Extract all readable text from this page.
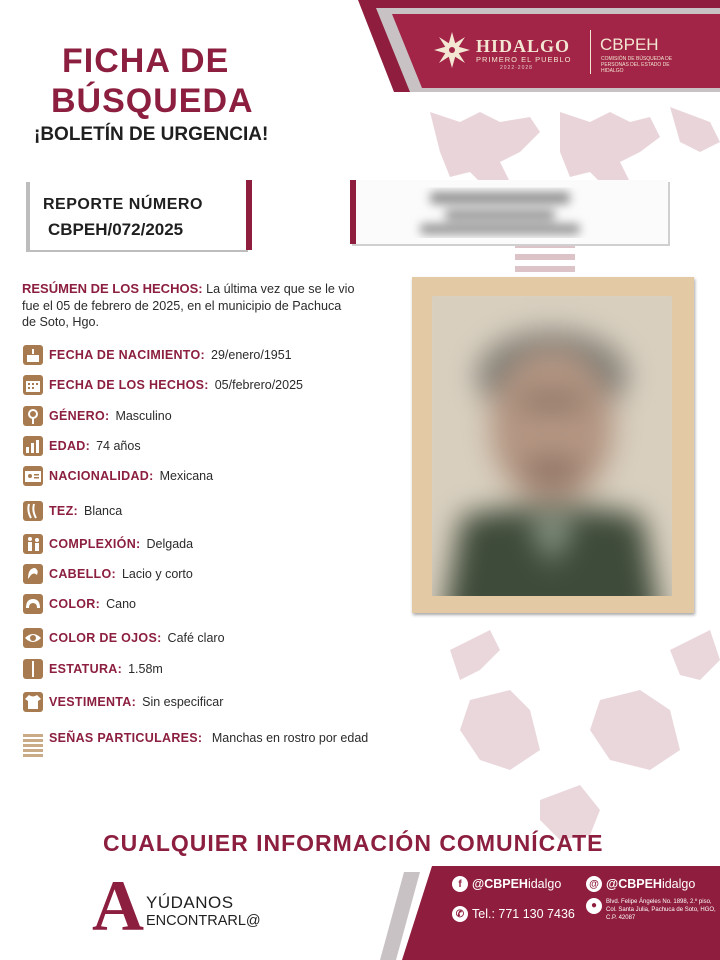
HIDALGO
PRIMERO EL PUEBLO
2022·2028
CBPEH
COMISIÓN DE BÚSQUEDA DE PERSONAS DEL ESTADO DE HIDALGO
FICHA DE
BÚSQUEDA
¡BOLETÍN DE URGENCIA!
REPORTE NÚMERO
CBPEH/072/2025
RESÚMEN DE LOS HECHOS: La última vez que se le vio fue el 05 de febrero de 2025, en el municipio de Pachuca de Soto, Hgo.
FECHA DE NACIMIENTO: 29/enero/1951
FECHA DE LOS HECHOS: 05/febrero/2025
GÉNERO: Masculino
EDAD: 74 años
NACIONALIDAD: Mexicana
TEZ: Blanca
COMPLEXIÓN: Delgada
CABELLO: Lacio y corto
COLOR: Cano
COLOR DE OJOS: Café claro
ESTATURA: 1.58m
VESTIMENTA: Sin especificar
SEÑAS PARTICULARES: Manchas en rostro por edad
CUALQUIER INFORMACIÓN COMUNÍCATE
A YÚDANOS
ENCONTRARL@
f @CBPEH idalgo	@ @CBPEH idalgo
✆ Tel.: 771 130 7436
●	Blvd. Felipe Ángeles No. 1898, 2.º piso, Col. Santa Julia, Pachuca de Soto, HGO, C.P. 42087
